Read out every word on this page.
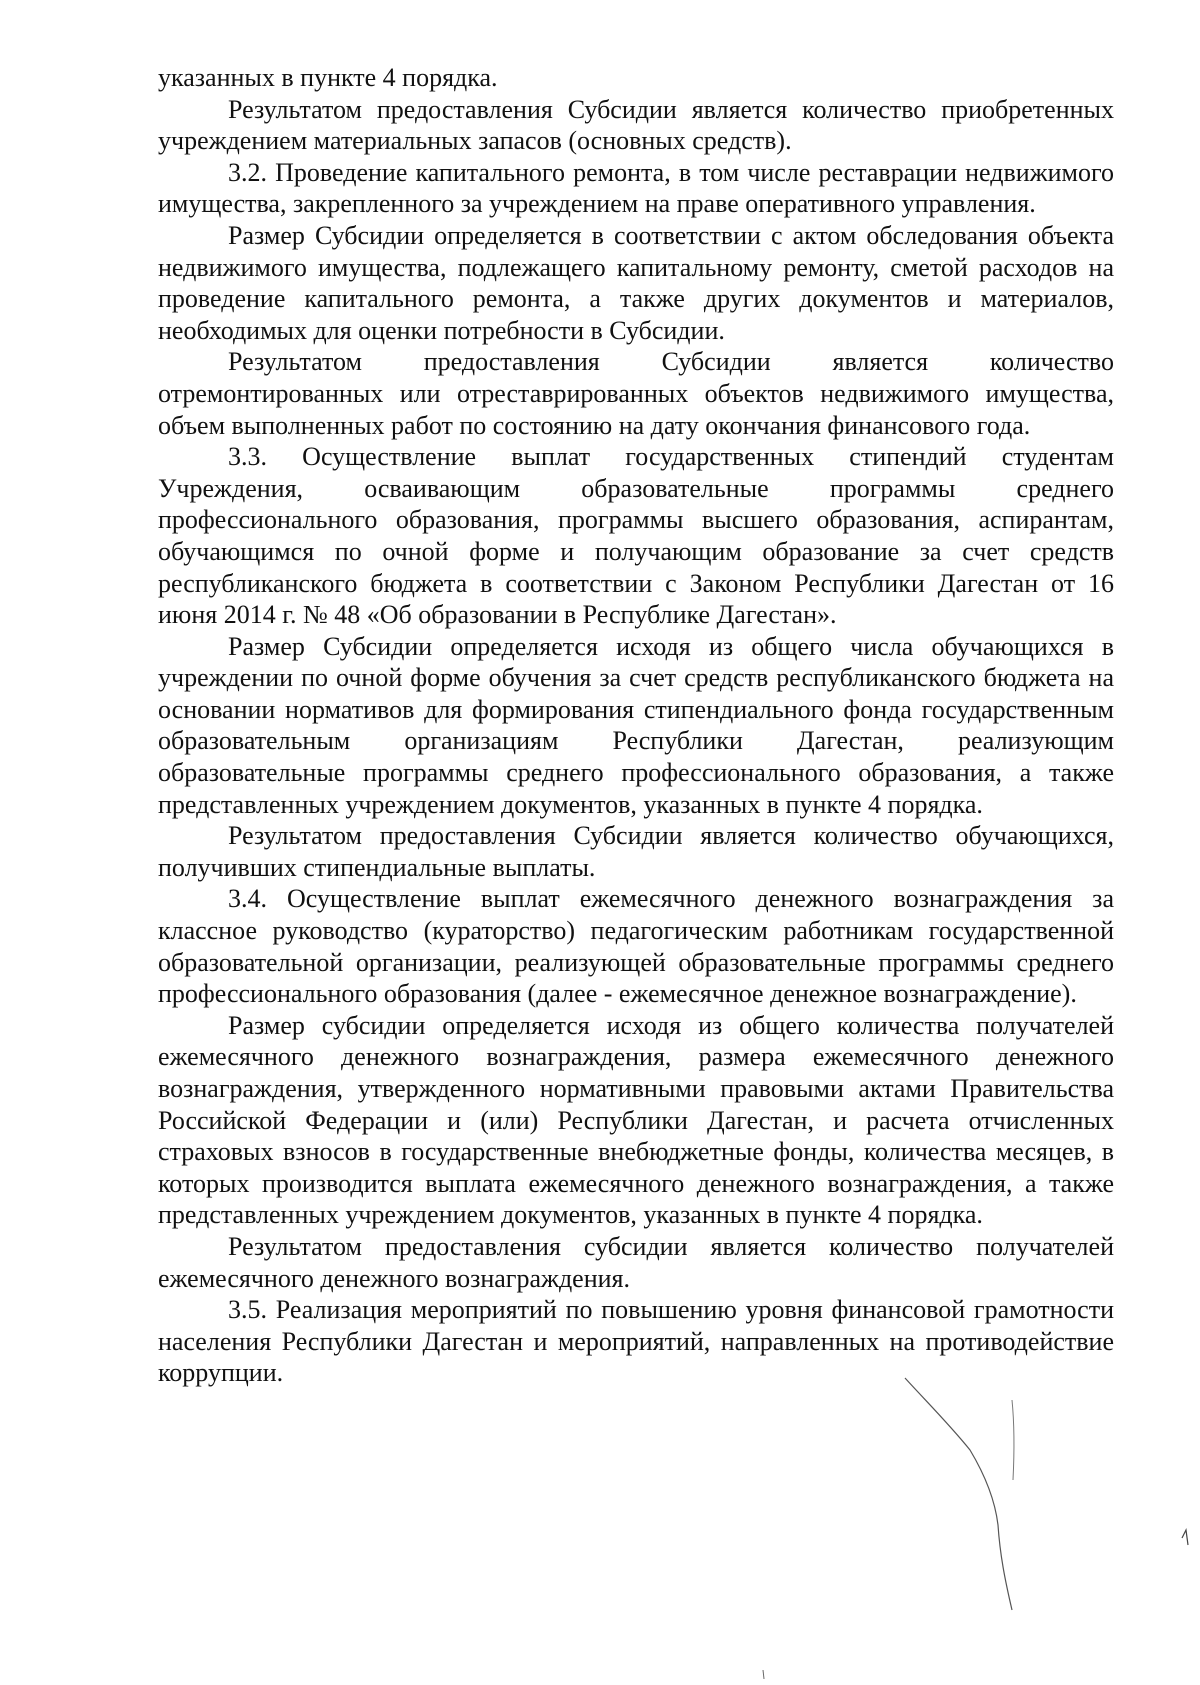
указанных в пункте 4 порядка.

Результатом предоставления Субсидии является количество приобретенных учреждением материальных запасов (основных средств).

3.2. Проведение капитального ремонта, в том числе реставрации недвижимого имущества, закрепленного за учреждением на праве оперативного управления.

Размер Субсидии определяется в соответствии с актом обследования объекта недвижимого имущества, подлежащего капитальному ремонту, сметой расходов на проведение капитального ремонта, а также других документов и материалов, необходимых для оценки потребности в Субсидии.

Результатом предоставления Субсидии является количество отремонтированных или отреставрированных объектов недвижимого имущества, объем выполненных работ по состоянию на дату окончания финансового года.

3.3. Осуществление выплат государственных стипендий студентам Учреждения, осваивающим образовательные программы среднего профессионального образования, программы высшего образования, аспирантам, обучающимся по очной форме и получающим образование за счет средств республиканского бюджета в соответствии с Законом Республики Дагестан от 16 июня 2014 г. № 48 «Об образовании в Республике Дагестан».

Размер Субсидии определяется исходя из общего числа обучающихся в учреждении по очной форме обучения за счет средств республиканского бюджета на основании нормативов для формирования стипендиального фонда государственным образовательным организациям Республики Дагестан, реализующим образовательные программы среднего профессионального образования, а также представленных учреждением документов, указанных в пункте 4 порядка.

Результатом предоставления Субсидии является количество обучающихся, получивших стипендиальные выплаты.

3.4. Осуществление выплат ежемесячного денежного вознаграждения за классное руководство (кураторство) педагогическим работникам государственной образовательной организации, реализующей образовательные программы среднего профессионального образования (далее - ежемесячное денежное вознаграждение).

Размер субсидии определяется исходя из общего количества получателей ежемесячного денежного вознаграждения, размера ежемесячного денежного вознаграждения, утвержденного нормативными правовыми актами Правительства Российской Федерации и (или) Республики Дагестан, и расчета отчисленных страховых взносов в государственные внебюджетные фонды, количества месяцев, в которых производится выплата ежемесячного денежного вознаграждения, а также представленных учреждением документов, указанных в пункте 4 порядка.

Результатом предоставления субсидии является количество получателей ежемесячного денежного вознаграждения.

3.5. Реализация мероприятий по повышению уровня финансовой грамотности населения Республики Дагестан и мероприятий, направленных на противодействие коррупции.
